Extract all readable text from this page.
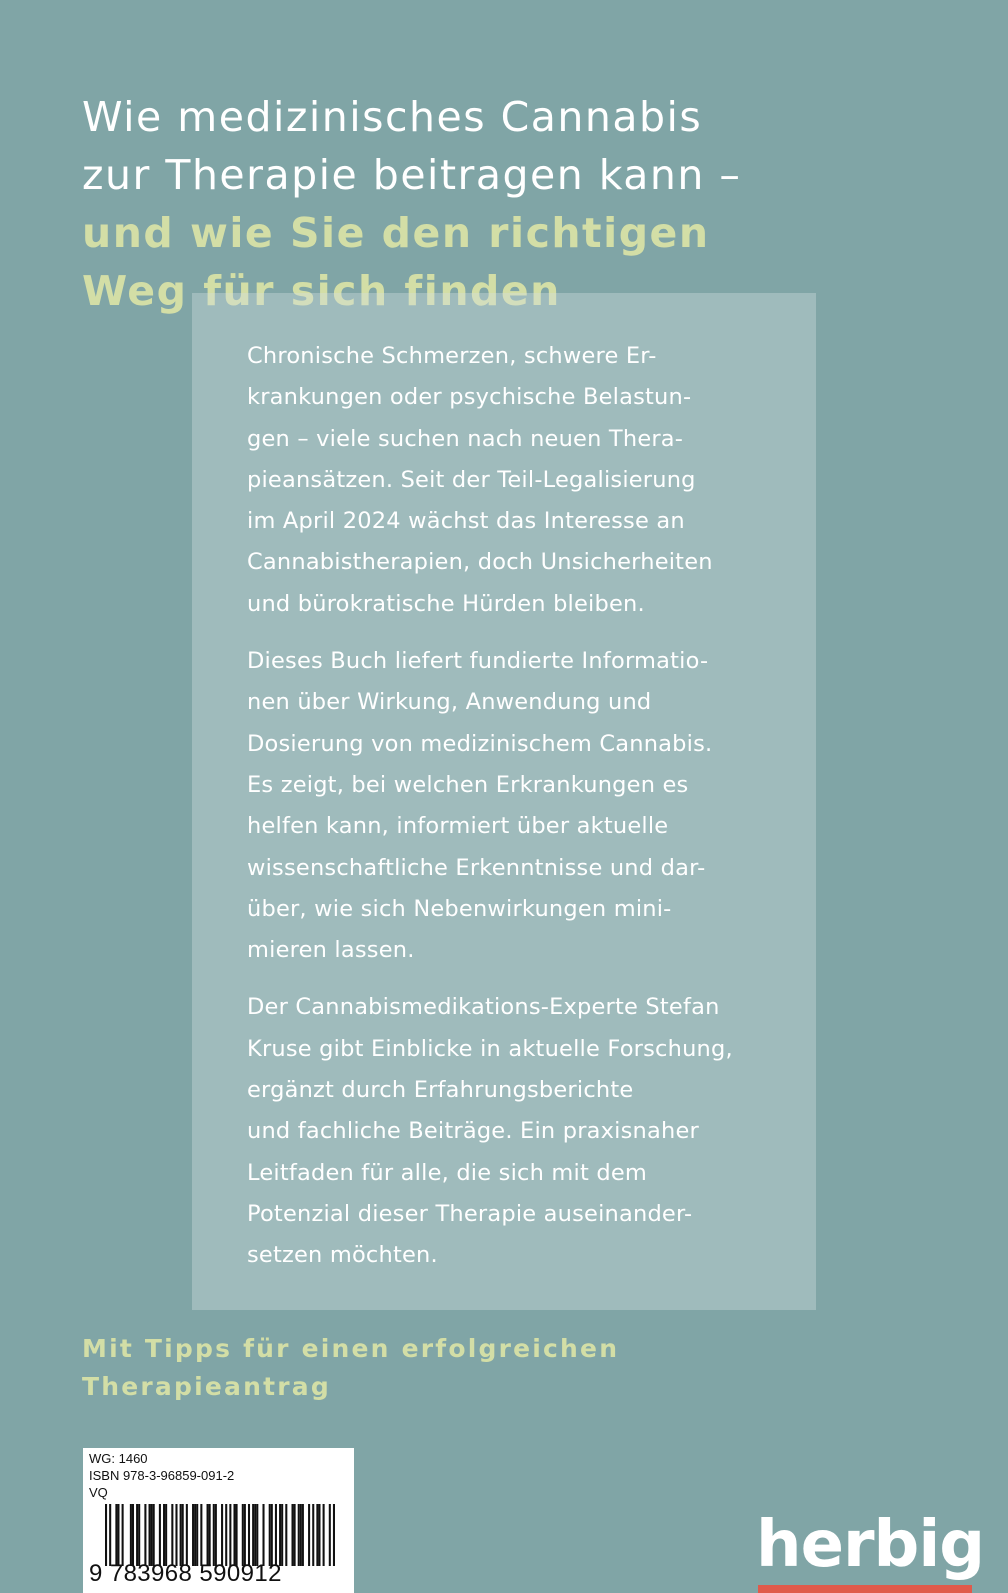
Wie medizinisches Cannabis
zur Therapie beitragen kann –
und wie Sie den richtigen
Weg für sich finden

Chronische Schmerzen, schwere Er-
krankungen oder psychische Belastun-
gen – viele suchen nach neuen Thera-
pieansätzen. Seit der Teil-Legalisierung
im April 2024 wächst das Interesse an
Cannabistherapien, doch Unsicherheiten
und bürokratische Hürden bleiben.

Dieses Buch liefert fundierte Informatio-
nen über Wirkung, Anwendung und
Dosierung von medizinischem Cannabis.
Es zeigt, bei welchen Erkrankungen es
helfen kann, informiert über aktuelle
wissenschaftliche Erkenntnisse und dar-
über, wie sich Nebenwirkungen mini-
mieren lassen.

Der Cannabismedikations-Experte Stefan
Kruse gibt Einblicke in aktuelle Forschung,
ergänzt durch Erfahrungsberichte
und fachliche Beiträge. Ein praxisnaher
Leitfaden für alle, die sich mit dem
Potenzial dieser Therapie auseinander-
setzen möchten.

Mit Tipps für einen erfolgreichen
Therapieantrag
WG: 1460
ISBN 978-3-96859-091-2
VQ
9 783968 590912	herbig
